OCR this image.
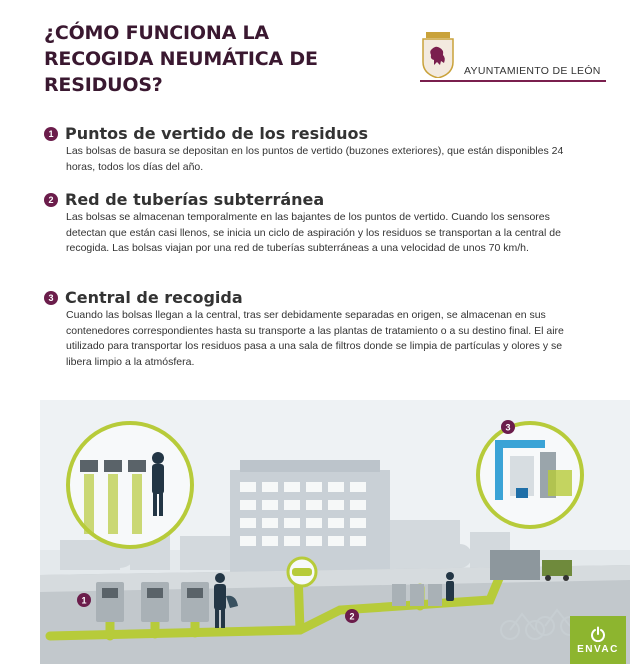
¿CÓMO FUNCIONA LA RECOGIDA NEUMÁTICA DE RESIDUOS?
AYUNTAMIENTO DE LEÓN
1 Puntos de vertido de los residuos
Las bolsas de basura se depositan en los puntos de vertido (buzones exteriores), que están disponibles 24 horas, todos los días del año.
2 Red de tuberías subterránea
Las bolsas se almacenan temporalmente en las bajantes de los puntos de vertido. Cuando los sensores detectan que están casi llenos, se inicia un ciclo de aspiración y los residuos se transportan a la central de recogida. Las bolsas viajan por una red de tuberías subterráneas a una velocidad de unos 70 km/h.
3 Central de recogida
Cuando las bolsas llegan a la central, tras ser debidamente separadas en origen, se almacenan en sus contenedores correspondientes hasta su transporte a las plantas de tratamiento o a su destino final. El aire utilizado para transportar los residuos pasa a una sala de filtros donde se limpia de partículas y olores y se libera limpio a la atmósfera.
1
2
3
ENVAC
